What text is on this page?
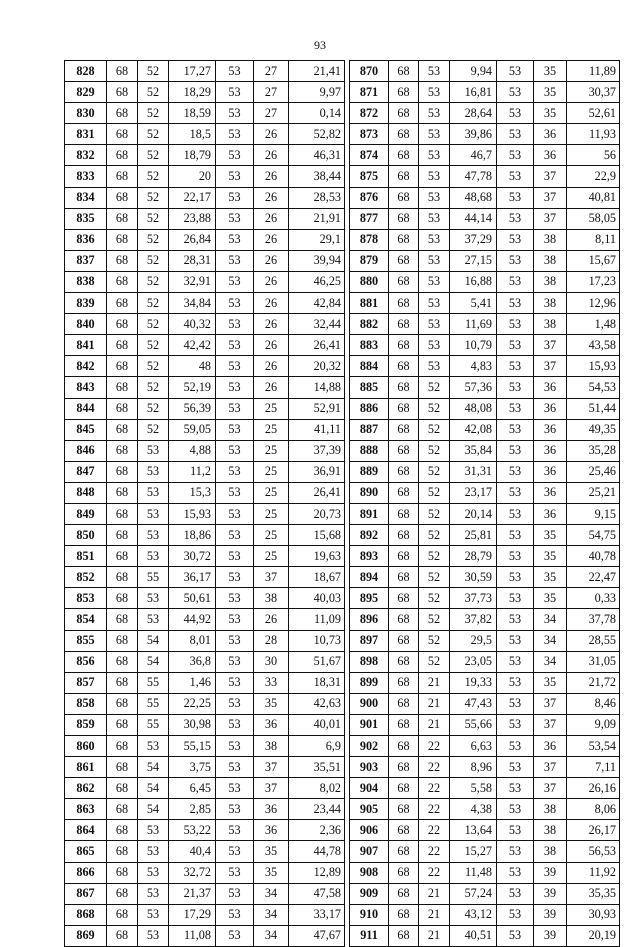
93
828	68	52	17,27	53	27	21,41
829	68	52	18,29	53	27	9,97
830	68	52	18,59	53	27	0,14
831	68	52	18,5	53	26	52,82
832	68	52	18,79	53	26	46,31
833	68	52	20	53	26	38,44
834	68	52	22,17	53	26	28,53
835	68	52	23,88	53	26	21,91
836	68	52	26,84	53	26	29,1
837	68	52	28,31	53	26	39,94
838	68	52	32,91	53	26	46,25
839	68	52	34,84	53	26	42,84
840	68	52	40,32	53	26	32,44
841	68	52	42,42	53	26	26,41
842	68	52	48	53	26	20,32
843	68	52	52,19	53	26	14,88
844	68	52	56,39	53	25	52,91
845	68	52	59,05	53	25	41,11
846	68	53	4,88	53	25	37,39
847	68	53	11,2	53	25	36,91
848	68	53	15,3	53	25	26,41
849	68	53	15,93	53	25	20,73
850	68	53	18,86	53	25	15,68
851	68	53	30,72	53	25	19,63
852	68	55	36,17	53	37	18,67
853	68	53	50,61	53	38	40,03
854	68	53	44,92	53	26	11,09
855	68	54	8,01	53	28	10,73
856	68	54	36,8	53	30	51,67
857	68	55	1,46	53	33	18,31
858	68	55	22,25	53	35	42,63
859	68	55	30,98	53	36	40,01
860	68	53	55,15	53	38	6,9
861	68	54	3,75	53	37	35,51
862	68	54	6,45	53	37	8,02
863	68	54	2,85	53	36	23,44
864	68	53	53,22	53	36	2,36
865	68	53	40,4	53	35	44,78
866	68	53	32,72	53	35	12,89
867	68	53	21,37	53	34	47,58
868	68	53	17,29	53	34	33,17
869	68	53	11,08	53	34	47,67
870	68	53	9,94	53	35	11,89
871	68	53	16,81	53	35	30,37
872	68	53	28,64	53	35	52,61
873	68	53	39,86	53	36	11,93
874	68	53	46,7	53	36	56
875	68	53	47,78	53	37	22,9
876	68	53	48,68	53	37	40,81
877	68	53	44,14	53	37	58,05
878	68	53	37,29	53	38	8,11
879	68	53	27,15	53	38	15,67
880	68	53	16,88	53	38	17,23
881	68	53	5,41	53	38	12,96
882	68	53	11,69	53	38	1,48
883	68	53	10,79	53	37	43,58
884	68	53	4,83	53	37	15,93
885	68	52	57,36	53	36	54,53
886	68	52	48,08	53	36	51,44
887	68	52	42,08	53	36	49,35
888	68	52	35,84	53	36	35,28
889	68	52	31,31	53	36	25,46
890	68	52	23,17	53	36	25,21
891	68	52	20,14	53	36	9,15
892	68	52	25,81	53	35	54,75
893	68	52	28,79	53	35	40,78
894	68	52	30,59	53	35	22,47
895	68	52	37,73	53	35	0,33
896	68	52	37,82	53	34	37,78
897	68	52	29,5	53	34	28,55
898	68	52	23,05	53	34	31,05
899	68	21	19,33	53	35	21,72
900	68	21	47,43	53	37	8,46
901	68	21	55,66	53	37	9,09
902	68	22	6,63	53	36	53,54
903	68	22	8,96	53	37	7,11
904	68	22	5,58	53	37	26,16
905	68	22	4,38	53	38	8,06
906	68	22	13,64	53	38	26,17
907	68	22	15,27	53	38	56,53
908	68	22	11,48	53	39	11,92
909	68	21	57,24	53	39	35,35
910	68	21	43,12	53	39	30,93
911	68	21	40,51	53	39	20,19
